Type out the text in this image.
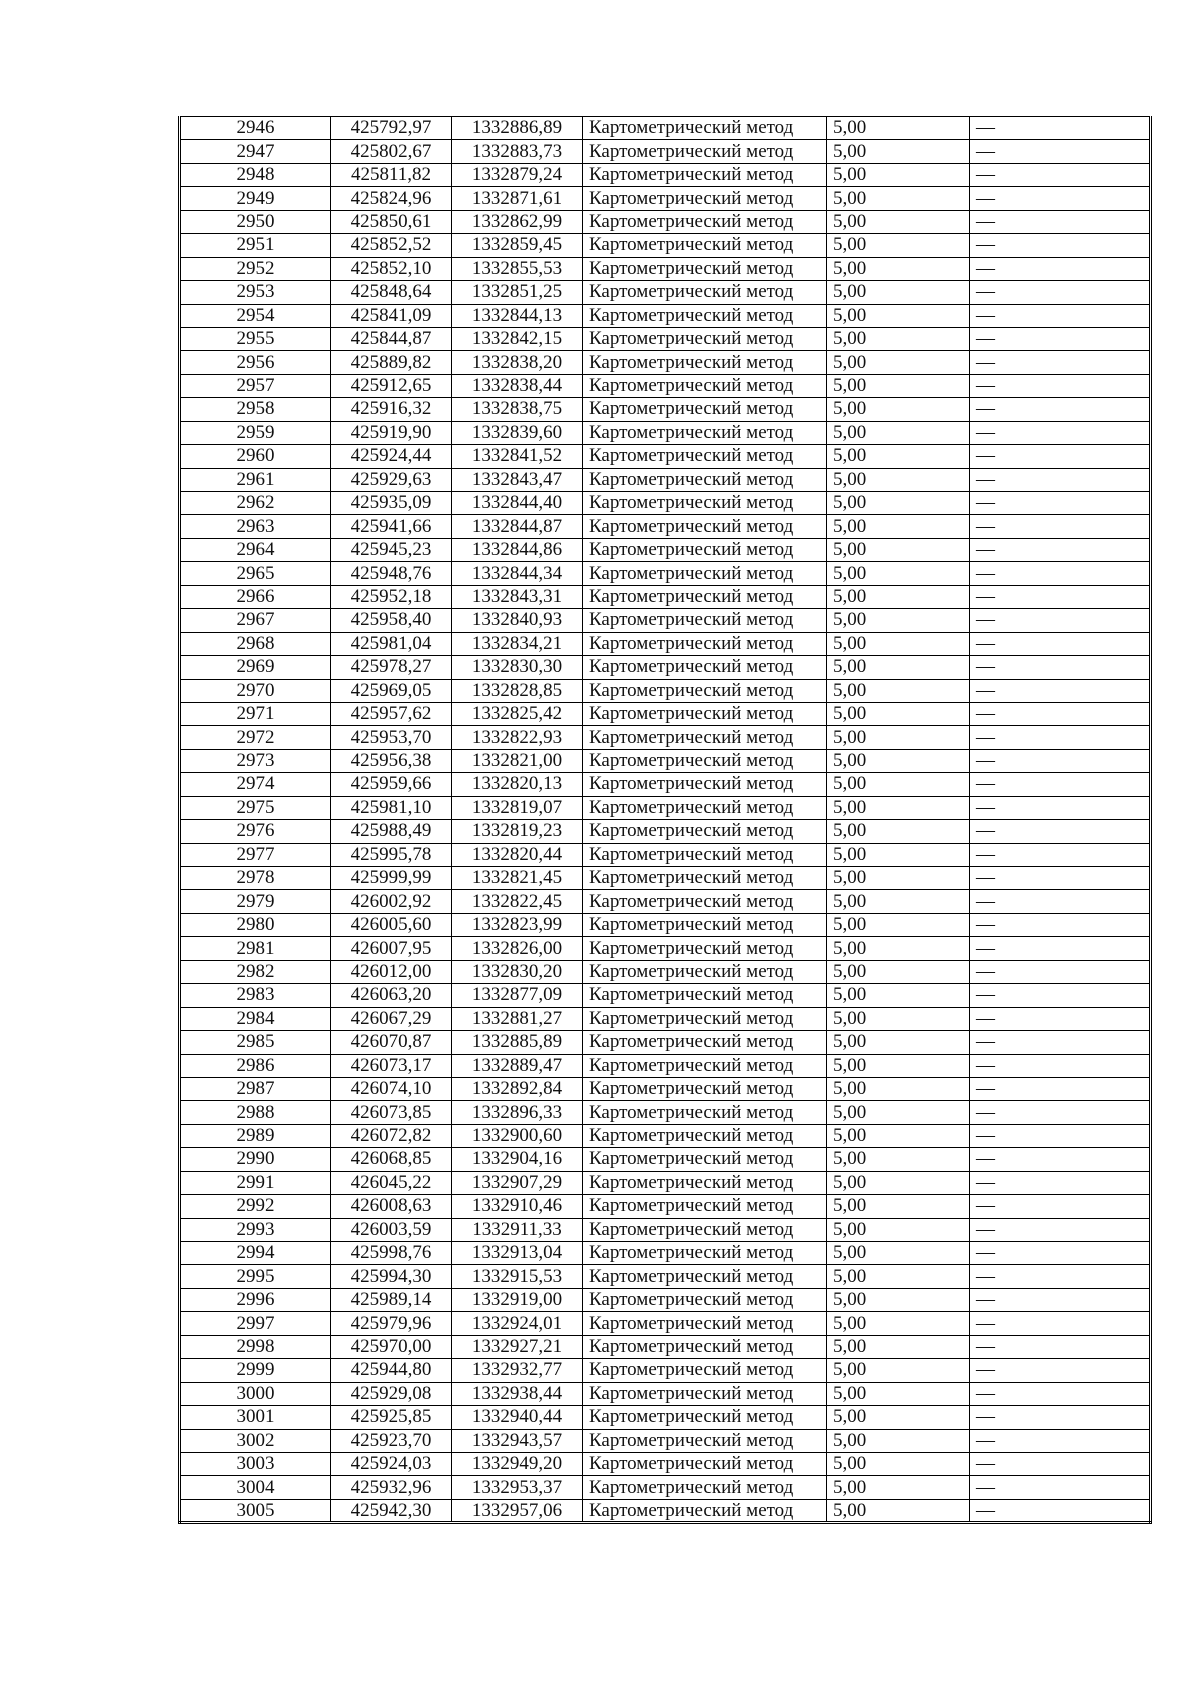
2946	425792,97	1332886,89	Картометрический метод	5,00	—
2947	425802,67	1332883,73	Картометрический метод	5,00	—
2948	425811,82	1332879,24	Картометрический метод	5,00	—
2949	425824,96	1332871,61	Картометрический метод	5,00	—
2950	425850,61	1332862,99	Картометрический метод	5,00	—
2951	425852,52	1332859,45	Картометрический метод	5,00	—
2952	425852,10	1332855,53	Картометрический метод	5,00	—
2953	425848,64	1332851,25	Картометрический метод	5,00	—
2954	425841,09	1332844,13	Картометрический метод	5,00	—
2955	425844,87	1332842,15	Картометрический метод	5,00	—
2956	425889,82	1332838,20	Картометрический метод	5,00	—
2957	425912,65	1332838,44	Картометрический метод	5,00	—
2958	425916,32	1332838,75	Картометрический метод	5,00	—
2959	425919,90	1332839,60	Картометрический метод	5,00	—
2960	425924,44	1332841,52	Картометрический метод	5,00	—
2961	425929,63	1332843,47	Картометрический метод	5,00	—
2962	425935,09	1332844,40	Картометрический метод	5,00	—
2963	425941,66	1332844,87	Картометрический метод	5,00	—
2964	425945,23	1332844,86	Картометрический метод	5,00	—
2965	425948,76	1332844,34	Картометрический метод	5,00	—
2966	425952,18	1332843,31	Картометрический метод	5,00	—
2967	425958,40	1332840,93	Картометрический метод	5,00	—
2968	425981,04	1332834,21	Картометрический метод	5,00	—
2969	425978,27	1332830,30	Картометрический метод	5,00	—
2970	425969,05	1332828,85	Картометрический метод	5,00	—
2971	425957,62	1332825,42	Картометрический метод	5,00	—
2972	425953,70	1332822,93	Картометрический метод	5,00	—
2973	425956,38	1332821,00	Картометрический метод	5,00	—
2974	425959,66	1332820,13	Картометрический метод	5,00	—
2975	425981,10	1332819,07	Картометрический метод	5,00	—
2976	425988,49	1332819,23	Картометрический метод	5,00	—
2977	425995,78	1332820,44	Картометрический метод	5,00	—
2978	425999,99	1332821,45	Картометрический метод	5,00	—
2979	426002,92	1332822,45	Картометрический метод	5,00	—
2980	426005,60	1332823,99	Картометрический метод	5,00	—
2981	426007,95	1332826,00	Картометрический метод	5,00	—
2982	426012,00	1332830,20	Картометрический метод	5,00	—
2983	426063,20	1332877,09	Картометрический метод	5,00	—
2984	426067,29	1332881,27	Картометрический метод	5,00	—
2985	426070,87	1332885,89	Картометрический метод	5,00	—
2986	426073,17	1332889,47	Картометрический метод	5,00	—
2987	426074,10	1332892,84	Картометрический метод	5,00	—
2988	426073,85	1332896,33	Картометрический метод	5,00	—
2989	426072,82	1332900,60	Картометрический метод	5,00	—
2990	426068,85	1332904,16	Картометрический метод	5,00	—
2991	426045,22	1332907,29	Картометрический метод	5,00	—
2992	426008,63	1332910,46	Картометрический метод	5,00	—
2993	426003,59	1332911,33	Картометрический метод	5,00	—
2994	425998,76	1332913,04	Картометрический метод	5,00	—
2995	425994,30	1332915,53	Картометрический метод	5,00	—
2996	425989,14	1332919,00	Картометрический метод	5,00	—
2997	425979,96	1332924,01	Картометрический метод	5,00	—
2998	425970,00	1332927,21	Картометрический метод	5,00	—
2999	425944,80	1332932,77	Картометрический метод	5,00	—
3000	425929,08	1332938,44	Картометрический метод	5,00	—
3001	425925,85	1332940,44	Картометрический метод	5,00	—
3002	425923,70	1332943,57	Картометрический метод	5,00	—
3003	425924,03	1332949,20	Картометрический метод	5,00	—
3004	425932,96	1332953,37	Картометрический метод	5,00	—
3005	425942,30	1332957,06	Картометрический метод	5,00	—
